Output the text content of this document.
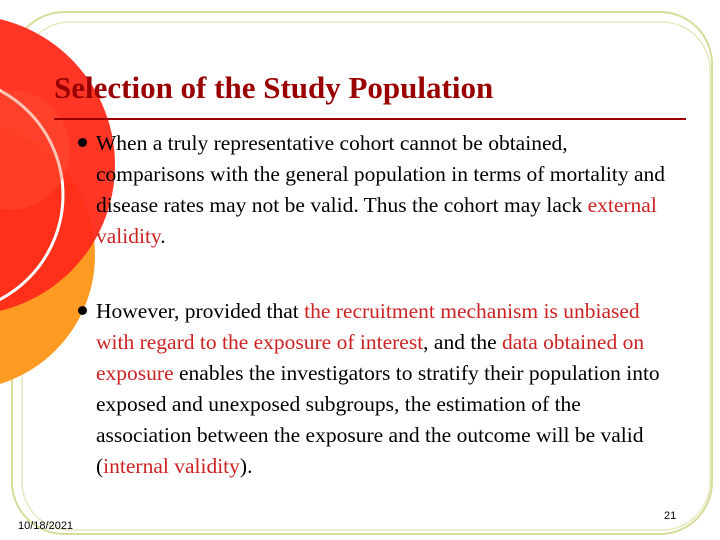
Selection of the Study Population
When a truly representative cohort cannot be obtained, comparisons with the general population in terms of mortality and disease rates may not be valid. Thus the cohort may lack external validity.
However, provided that the recruitment mechanism is unbiased with regard to the exposure of interest, and the data obtained on exposure enables the investigators to stratify their population into exposed and unexposed subgroups, the estimation of the association between the exposure and the outcome will be valid (internal validity).
10/18/2021
21
